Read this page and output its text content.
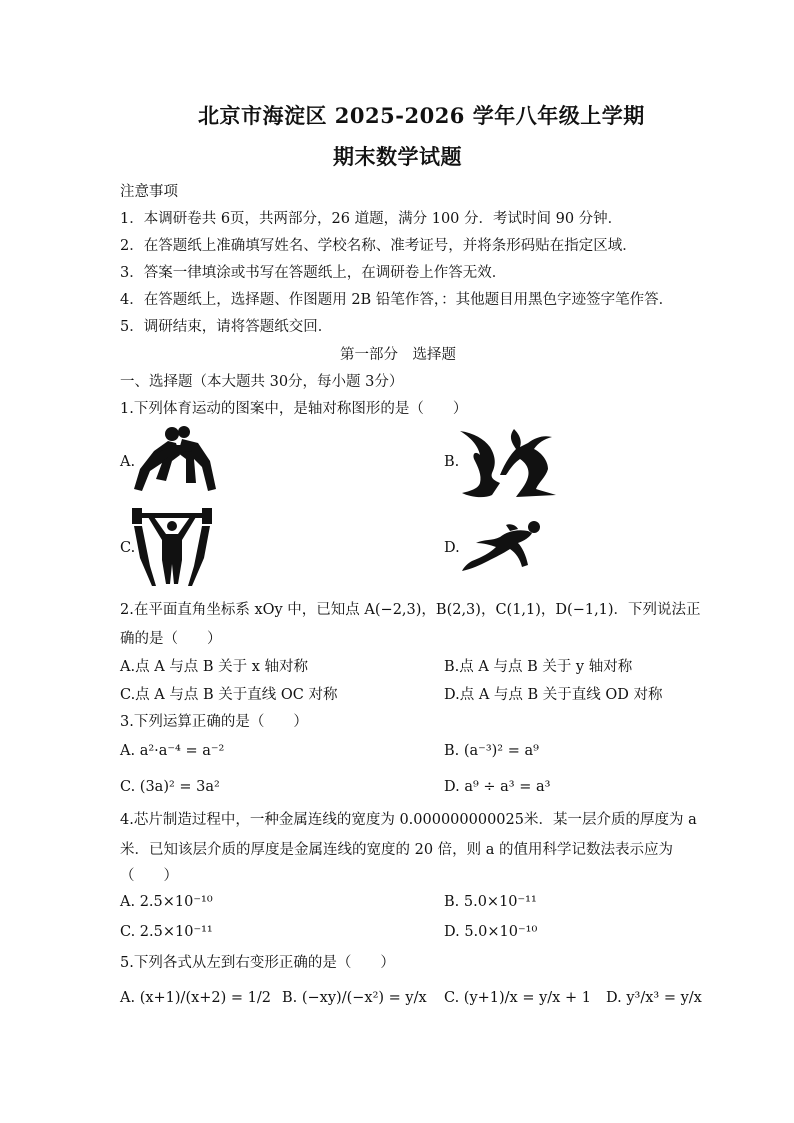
北京市海淀区 2025-2026 学年八年级上学期
期末数学试题
注意事项
1．本调研卷共 6页，共两部分，26 道题，满分 100 分．考试时间 90 分钟．
2．在答题纸上准确填写姓名、学校名称、准考证号，并将条形码贴在指定区域．
3．答案一律填涂或书写在答题纸上，在调研卷上作答无效．
4．在答题纸上，选择题、作图题用 2B 铅笔作答，：其他题目用黑色字迹签字笔作答．
5．调研结束，请将答题纸交回．
第一部分　选择题
一、选择题（本大题共 30分，每小题 3分）
1.下列体育运动的图案中，是轴对称图形的是（　　）
A.	B.
C.	D.
2.在平面直角坐标系 xOy 中，已知点 A(−2,3)，B(2,3)，C(1,1)，D(−1,1)．下列说法正
确的是（　　）
A.点 A 与点 B 关于 x 轴对称	B.点 A 与点 B 关于 y 轴对称
C.点 A 与点 B 关于直线 OC 对称	D.点 A 与点 B 关于直线 OD 对称
3.下列运算正确的是（　　）
A. a²·a⁻⁴ = a⁻²	B. (a⁻³)² = a⁹
C. (3a)² = 3a²	D. a⁹ ÷ a³ = a³
4.芯片制造过程中，一种金属连线的宽度为 0.000000000025米．某一层介质的厚度为 a
米．已知该层介质的厚度是金属连线的宽度的 20 倍，则 a 的值用科学记数法表示应为
（　　）
A. 2.5×10⁻¹⁰	B. 5.0×10⁻¹¹
C. 2.5×10⁻¹¹	D. 5.0×10⁻¹⁰
5.下列各式从左到右变形正确的是（　　）
A. (x+1)/(x+2) = 1/2 B. (−xy)/(−x²) = y/x C. (y+1)/x = y/x + 1 D. y³/x³ = y/x
